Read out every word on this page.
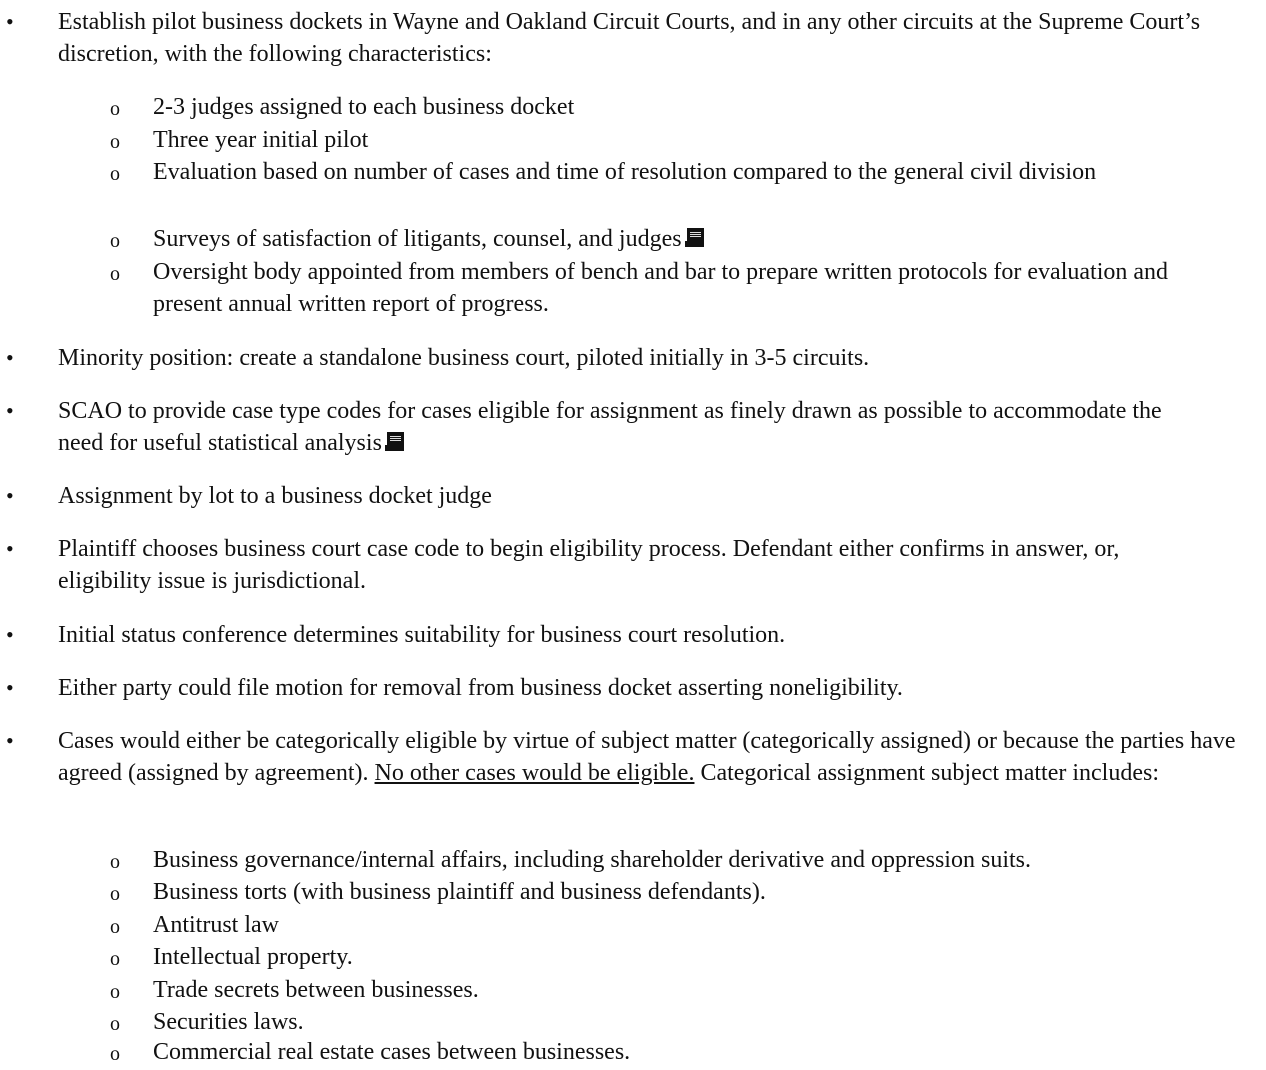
•	Establish pilot business dockets in Wayne and Oakland Circuit Courts, and in any other circuits at the Supreme Court’s discretion, with the following characteristics:
o	2-3 judges assigned to each business docket
o	Three year initial pilot
o	Evaluation based on number of cases and time of resolution compared to the general civil division
o	Surveys of satisfaction of litigants, counsel, and judges
o	Oversight body appointed from members of bench and bar to prepare written protocols for evaluation and present annual written report of progress.
•	Minority position: create a standalone business court, piloted initially in 3-5 circuits.
•	SCAO to provide case type codes for cases eligible for assignment as finely drawn as possible to accommodate the need for useful statistical analysis
•	Assignment by lot to a business docket judge
•	Plaintiff chooses business court case code to begin eligibility process. Defendant either confirms in answer, or, eligibility issue is jurisdictional.
•	Initial status conference determines suitability for business court resolution.
•	Either party could file motion for removal from business docket asserting noneligibility.
•	Cases would either be categorically eligible by virtue of subject matter (categorically assigned) or because the parties have agreed (assigned by agreement). No other cases would be eligible. Categorical assignment subject matter includes:
o	Business governance/internal affairs, including shareholder derivative and oppression suits.
o	Business torts (with business plaintiff and business defendants).
o	Antitrust law
o	Intellectual property.
o	Trade secrets between businesses.
o	Securities laws.
o	Commercial real estate cases between businesses.
